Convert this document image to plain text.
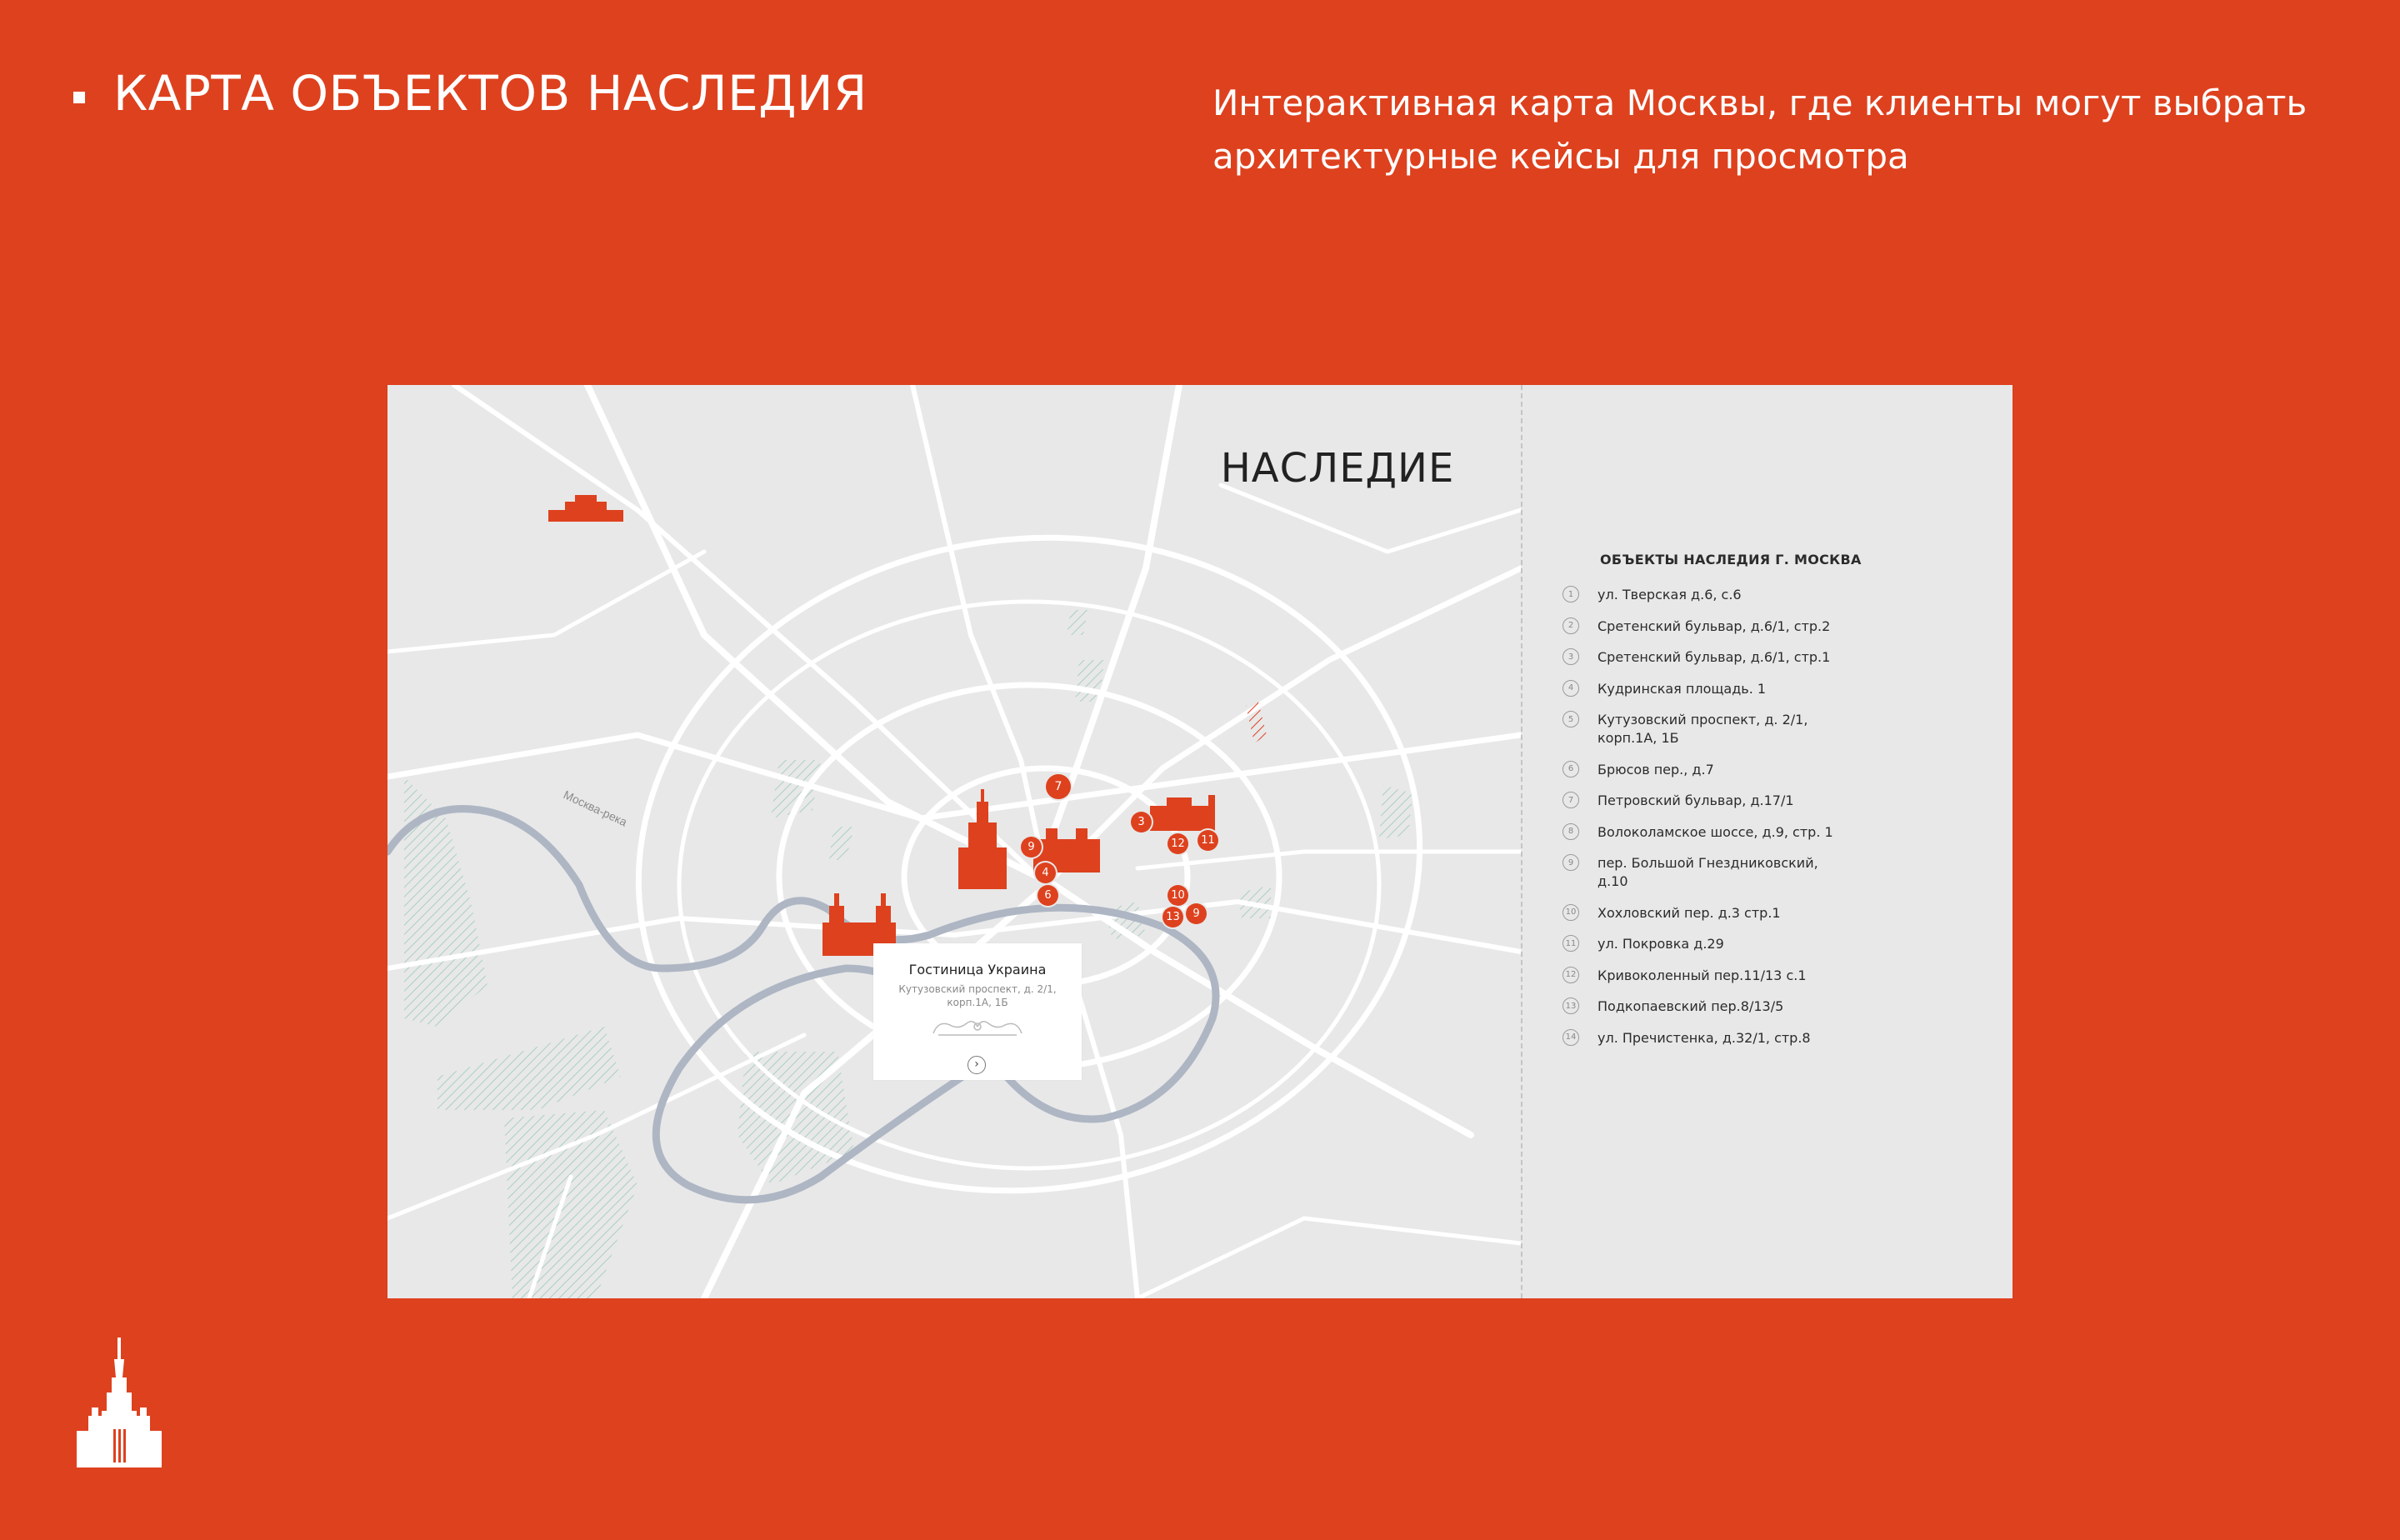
КАРТА ОБЪЕКТОВ НАСЛЕДИЯ	Интерактивная карта Москвы, где клиенты могут выбрать архитектурные кейсы для просмотра
Москва-река
НАСЛЕДИЕ
7
9
4
6
3
12	11
10
13	9
Гостиница Украина
Кутузовский проспект, д. 2/1, корп.1А, 1Б
›
ОБЪЕКТЫ НАСЛЕДИЯ Г. МОСКВА
1	ул. Тверская д.6, с.6
2	Сретенский бульвар, д.6/1, стр.2
3	Сретенский бульвар, д.6/1, стр.1
4	Кудринская площадь. 1
5	Кутузовский проспект, д. 2/1, корп.1А, 1Б
6	Брюсов пер., д.7
7	Петровский бульвар, д.17/1
8	Волоколамское шоссе, д.9, стр. 1
9	пер. Большой Гнездниковский, д.10
10 Хохловский пер. д.3 стр.1
11 ул. Покровка д.29
12 Кривоколенный пер.11/13 с.1
13 Подкопаевский пер.8/13/5
14 ул. Пречистенка, д.32/1, стр.8
